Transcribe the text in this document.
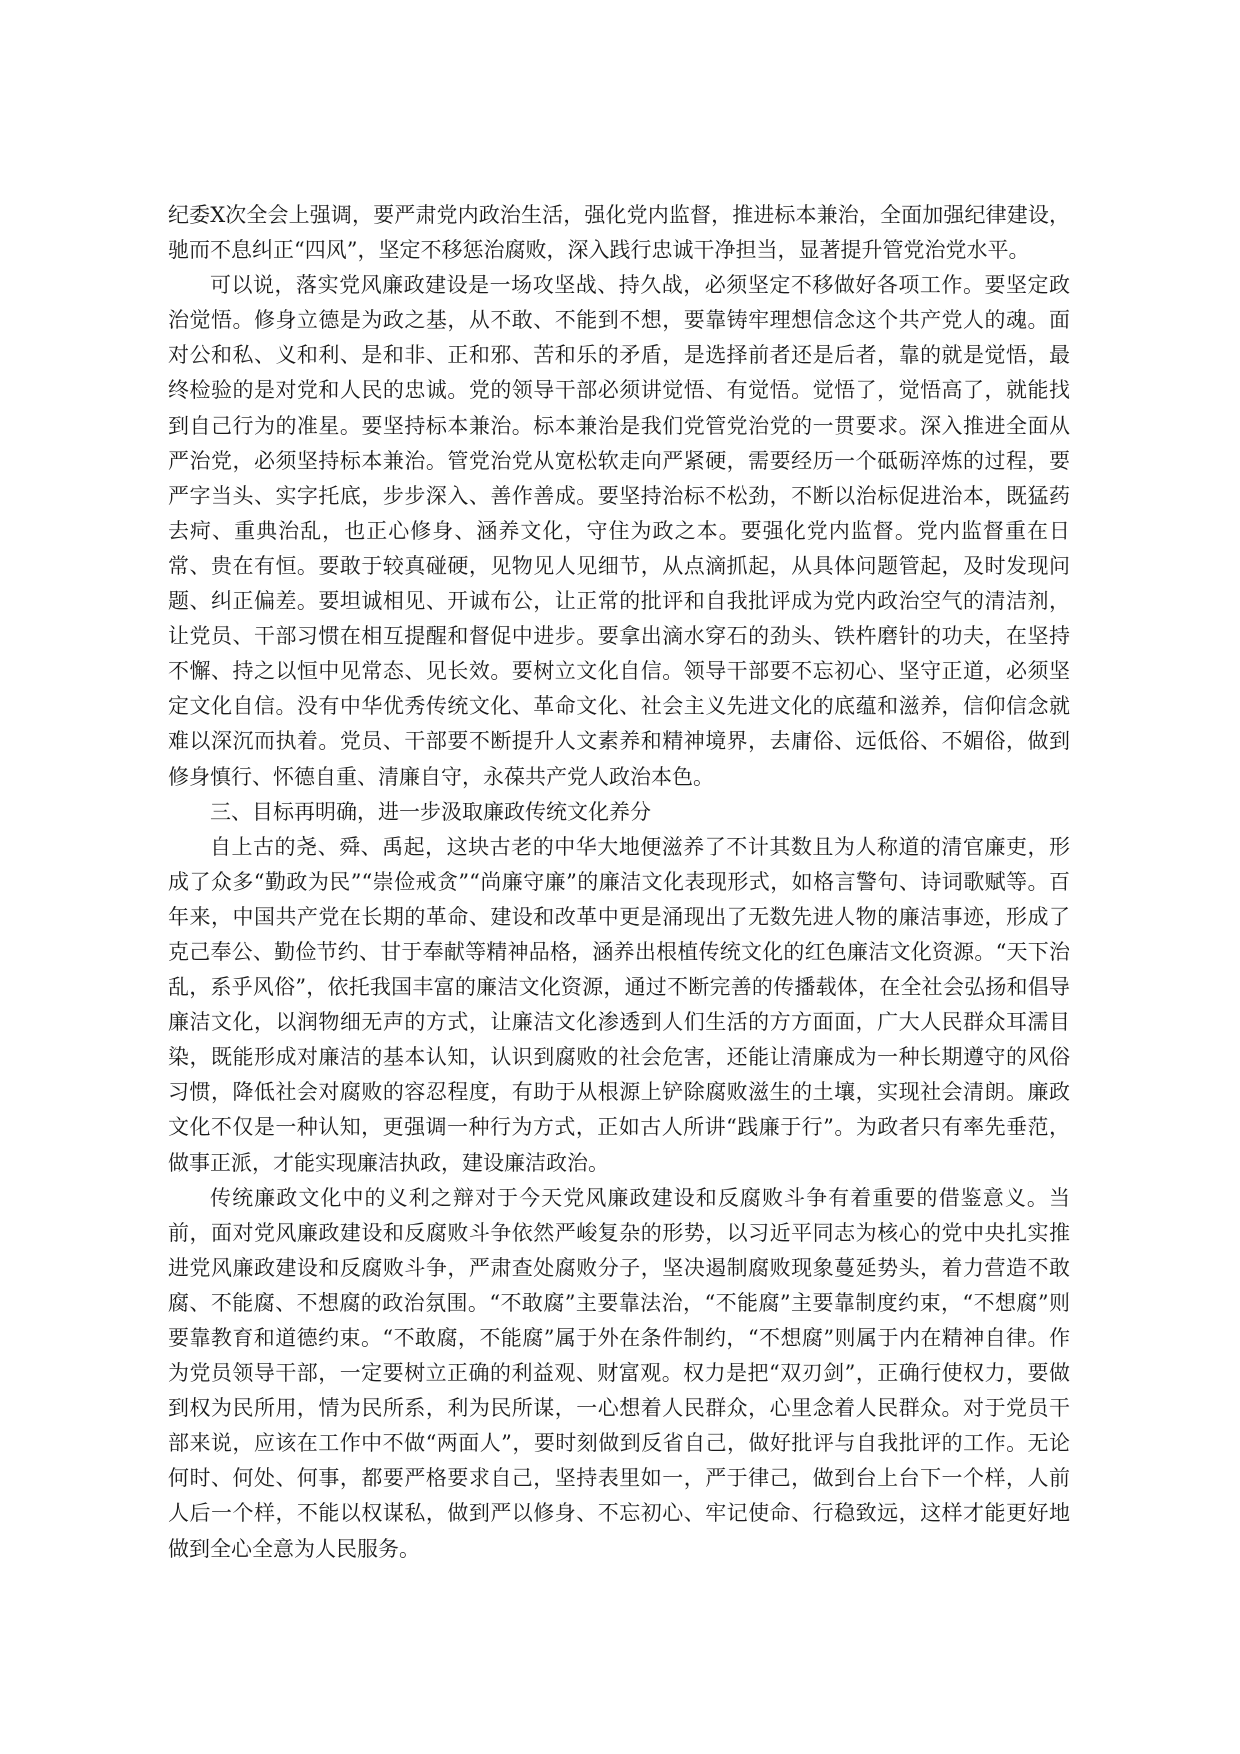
纪委X次全会上强调，要严肃党内政治生活，强化党内监督，推进标本兼治，全面加强纪律建设，驰而不息纠正“四风”，坚定不移惩治腐败，深入践行忠诚干净担当，显著提升管党治党水平。

可以说，落实党风廉政建设是一场攻坚战、持久战，必须坚定不移做好各项工作。要坚定政治觉悟。修身立德是为政之基，从不敢、不能到不想，要靠铸牢理想信念这个共产党人的魂。面对公和私、义和利、是和非、正和邪、苦和乐的矛盾，是选择前者还是后者，靠的就是觉悟，最终检验的是对党和人民的忠诚。党的领导干部必须讲觉悟、有觉悟。觉悟了，觉悟高了，就能找到自己行为的准星。要坚持标本兼治。标本兼治是我们党管党治党的一贯要求。深入推进全面从严治党，必须坚持标本兼治。管党治党从宽松软走向严紧硬，需要经历一个砥砺淬炼的过程，要严字当头、实字托底，步步深入、善作善成。要坚持治标不松劲，不断以治标促进治本，既猛药去疴、重典治乱，也正心修身、涵养文化，守住为政之本。要强化党内监督。党内监督重在日常、贵在有恒。要敢于较真碰硬，见物见人见细节，从点滴抓起，从具体问题管起，及时发现问题、纠正偏差。要坦诚相见、开诚布公，让正常的批评和自我批评成为党内政治空气的清洁剂，让党员、干部习惯在相互提醒和督促中进步。要拿出滴水穿石的劲头、铁杵磨针的功夫，在坚持不懈、持之以恒中见常态、见长效。要树立文化自信。领导干部要不忘初心、坚守正道，必须坚定文化自信。没有中华优秀传统文化、革命文化、社会主义先进文化的底蕴和滋养，信仰信念就难以深沉而执着。党员、干部要不断提升人文素养和精神境界，去庸俗、远低俗、不媚俗，做到修身慎行、怀德自重、清廉自守，永葆共产党人政治本色。

三、目标再明确，进一步汲取廉政传统文化养分

自上古的尧、舜、禹起，这块古老的中华大地便滋养了不计其数且为人称道的清官廉吏，形成了众多“勤政为民”“崇俭戒贪”“尚廉守廉”的廉洁文化表现形式，如格言警句、诗词歌赋等。百年来，中国共产党在长期的革命、建设和改革中更是涌现出了无数先进人物的廉洁事迹，形成了克己奉公、勤俭节约、甘于奉献等精神品格，涵养出根植传统文化的红色廉洁文化资源。“天下治乱，系乎风俗”，依托我国丰富的廉洁文化资源，通过不断完善的传播载体，在全社会弘扬和倡导廉洁文化，以润物细无声的方式，让廉洁文化渗透到人们生活的方方面面，广大人民群众耳濡目染，既能形成对廉洁的基本认知，认识到腐败的社会危害，还能让清廉成为一种长期遵守的风俗习惯，降低社会对腐败的容忍程度，有助于从根源上铲除腐败滋生的土壤，实现社会清朗。廉政文化不仅是一种认知，更强调一种行为方式，正如古人所讲“践廉于行”。为政者只有率先垂范，做事正派，才能实现廉洁执政，建设廉洁政治。

传统廉政文化中的义利之辩对于今天党风廉政建设和反腐败斗争有着重要的借鉴意义。当前，面对党风廉政建设和反腐败斗争依然严峻复杂的形势，以习近平同志为核心的党中央扎实推进党风廉政建设和反腐败斗争，严肃查处腐败分子，坚决遏制腐败现象蔓延势头，着力营造不敢腐、不能腐、不想腐的政治氛围。“不敢腐”主要靠法治，“不能腐”主要靠制度约束，“不想腐”则要靠教育和道德约束。“不敢腐，不能腐”属于外在条件制约，“不想腐”则属于内在精神自律。作为党员领导干部，一定要树立正确的利益观、财富观。权力是把“双刃剑”，正确行使权力，要做到权为民所用，情为民所系，利为民所谋，一心想着人民群众，心里念着人民群众。对于党员干部来说，应该在工作中不做“两面人”，要时刻做到反省自己，做好批评与自我批评的工作。无论何时、何处、何事，都要严格要求自己，坚持表里如一，严于律己，做到台上台下一个样，人前人后一个样，不能以权谋私，做到严以修身、不忘初心、牢记使命、行稳致远，这样才能更好地做到全心全意为人民服务。
